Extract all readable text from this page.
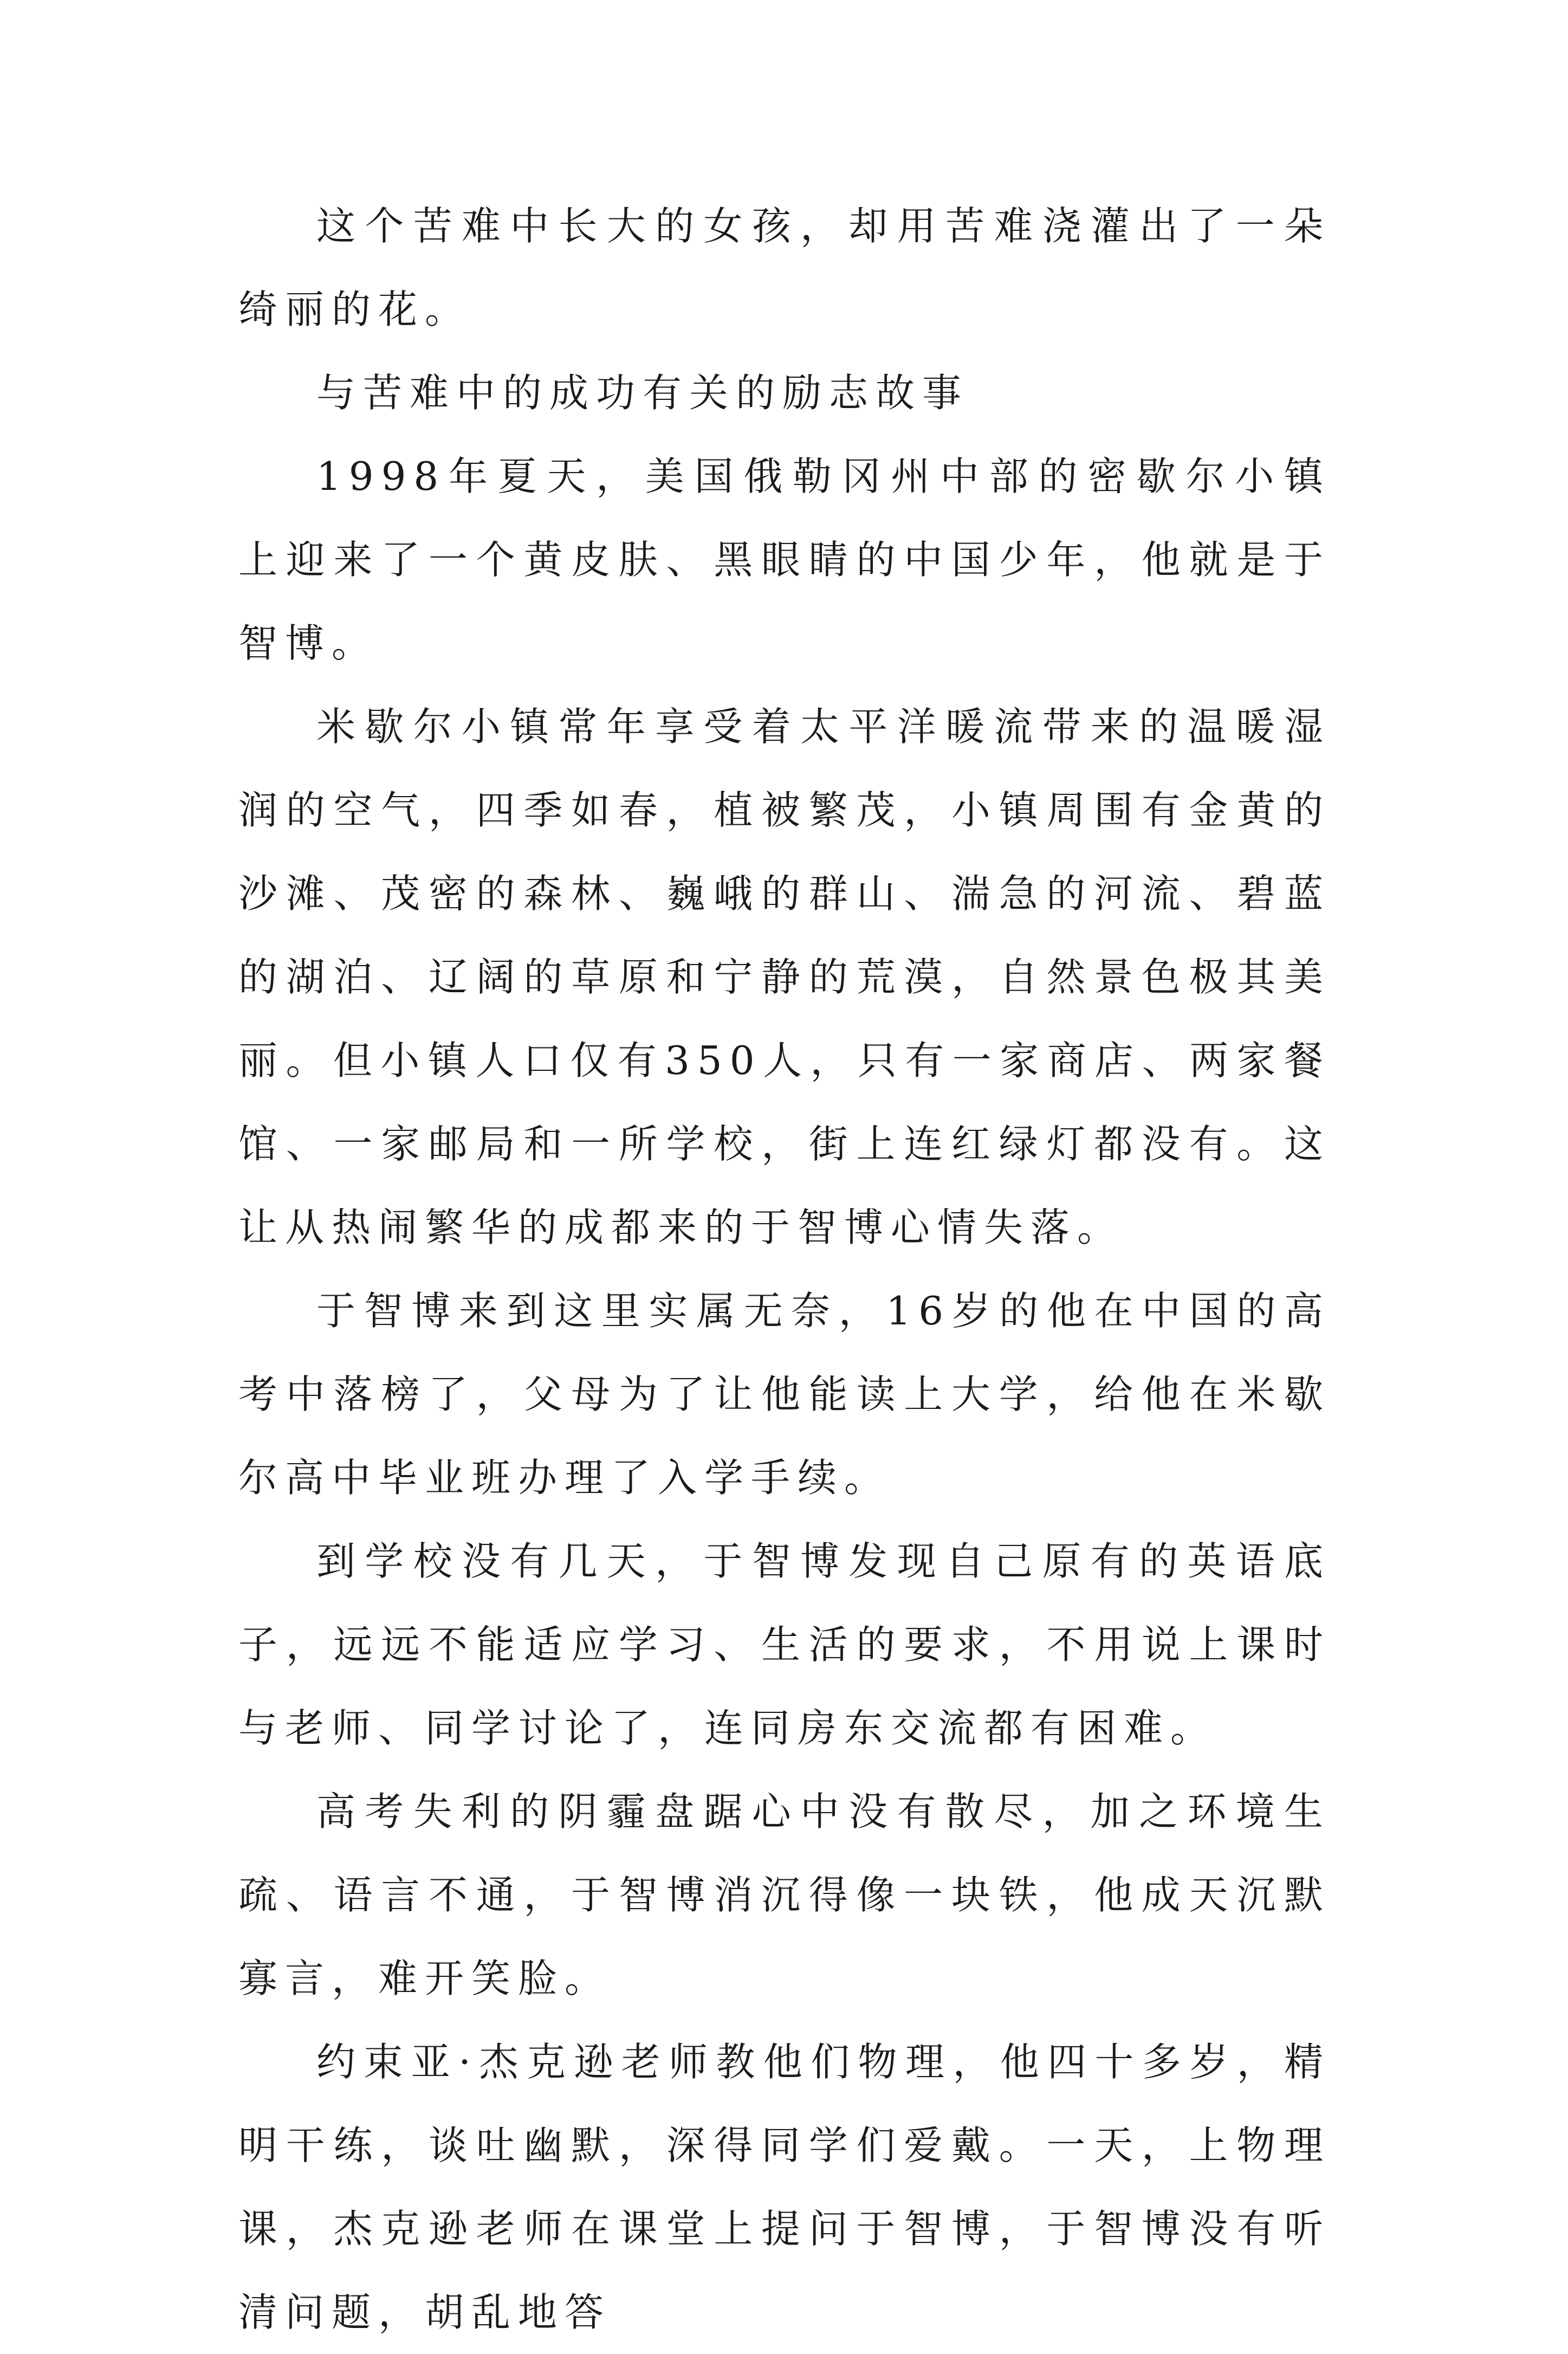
这个苦难中长大的女孩，却用苦难浇灌出了一朵绮丽的花。

与苦难中的成功有关的励志故事

1998年夏天，美国俄勒冈州中部的密歇尔小镇上迎来了一个黄皮肤、黑眼睛的中国少年，他就是于智博。

米歇尔小镇常年享受着太平洋暖流带来的温暖湿润的空气，四季如春，植被繁茂，小镇周围有金黄的沙滩、茂密的森林、巍峨的群山、湍急的河流、碧蓝的湖泊、辽阔的草原和宁静的荒漠，自然景色极其美丽。但小镇人口仅有350人，只有一家商店、两家餐馆、一家邮局和一所学校，街上连红绿灯都没有。这让从热闹繁华的成都来的于智博心情失落。

于智博来到这里实属无奈，16岁的他在中国的高考中落榜了，父母为了让他能读上大学，给他在米歇尔高中毕业班办理了入学手续。

到学校没有几天，于智博发现自己原有的英语底子，远远不能适应学习、生活的要求，不用说上课时与老师、同学讨论了，连同房东交流都有困难。

高考失利的阴霾盘踞心中没有散尽，加之环境生疏、语言不通，于智博消沉得像一块铁，他成天沉默寡言，难开笑脸。

约束亚·杰克逊老师教他们物理，他四十多岁，精明干练，谈吐幽默，深得同学们爱戴。一天，上物理课，杰克逊老师在课堂上提问于智博，于智博没有听清问题，胡乱地答
